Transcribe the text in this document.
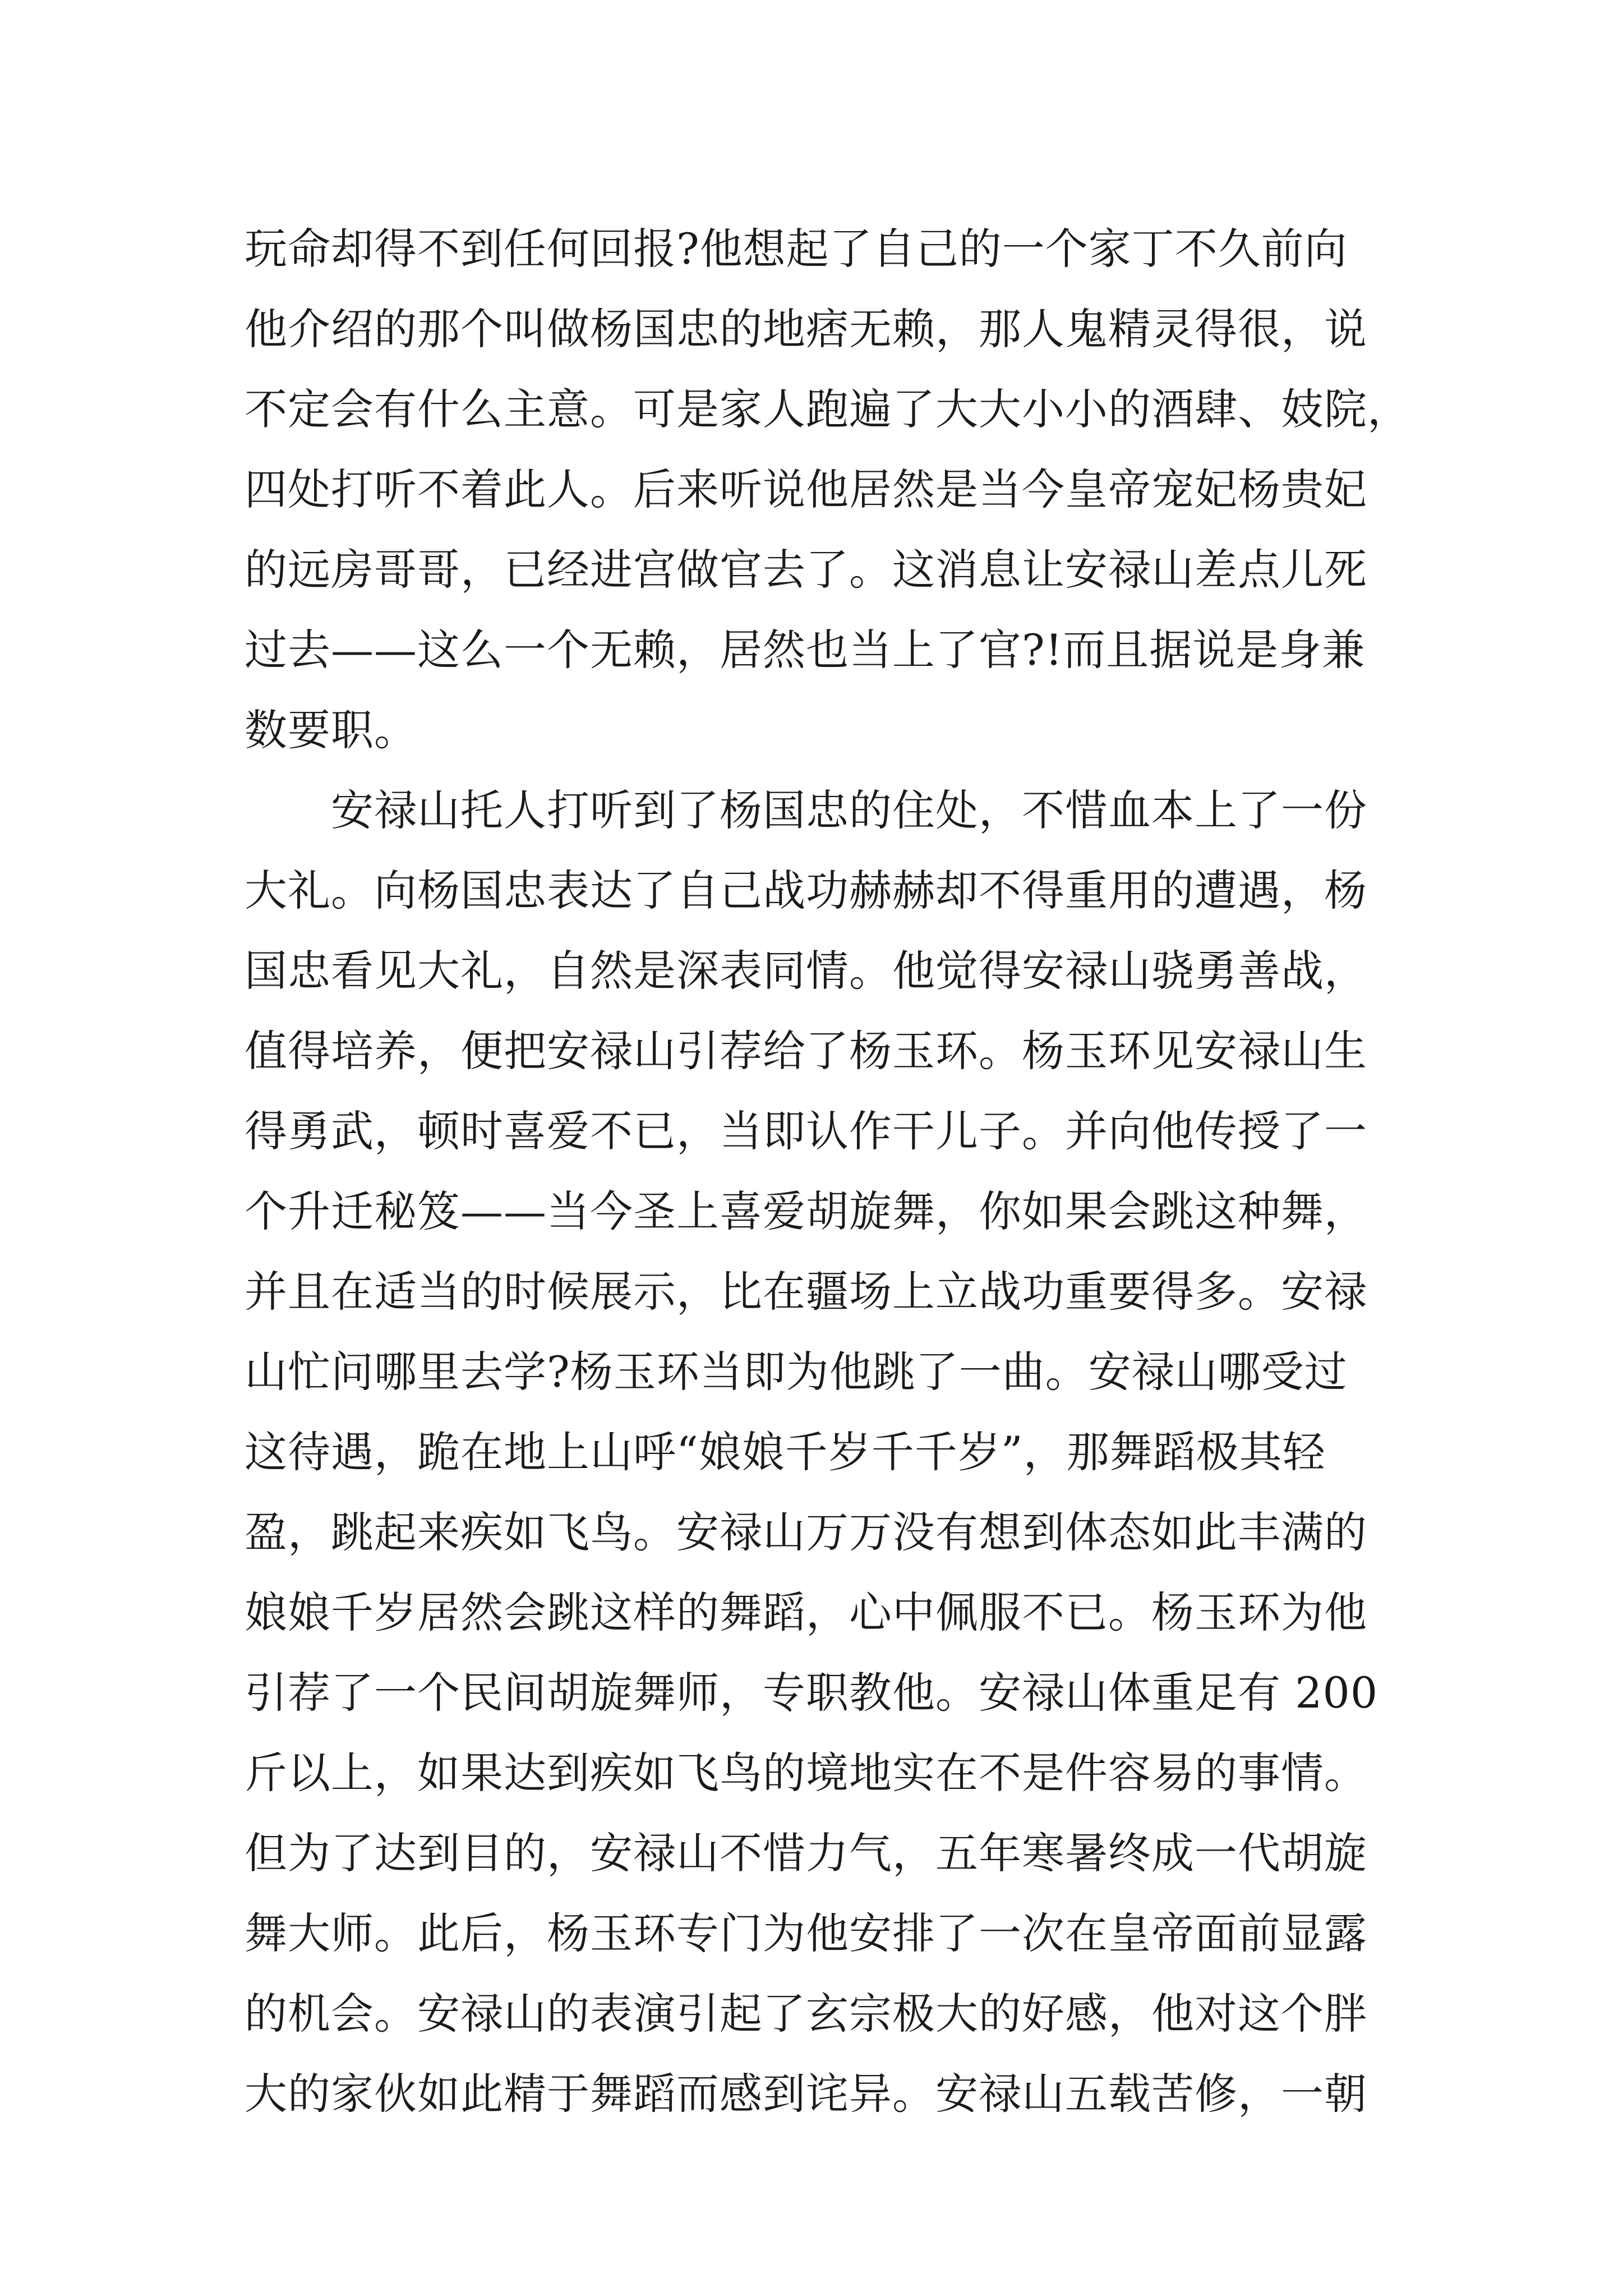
玩命却得不到任何回报?他想起了自己的一个家丁不久前向
他介绍的那个叫做杨国忠的地痞无赖，那人鬼精灵得很，说
不定会有什么主意。可是家人跑遍了大大小小的酒肆、妓院，
四处打听不着此人。后来听说他居然是当今皇帝宠妃杨贵妃
的远房哥哥，已经进宫做官去了。这消息让安禄山差点儿死
过去——这么一个无赖，居然也当上了官?!而且据说是身兼
数要职。
　　安禄山托人打听到了杨国忠的住处，不惜血本上了一份
大礼。向杨国忠表达了自己战功赫赫却不得重用的遭遇，杨
国忠看见大礼，自然是深表同情。他觉得安禄山骁勇善战，
值得培养，便把安禄山引荐给了杨玉环。杨玉环见安禄山生
得勇武，顿时喜爱不已，当即认作干儿子。并向他传授了一
个升迁秘笈——当今圣上喜爱胡旋舞，你如果会跳这种舞，
并且在适当的时候展示，比在疆场上立战功重要得多。安禄
山忙问哪里去学?杨玉环当即为他跳了一曲。安禄山哪受过
这待遇，跪在地上山呼“娘娘千岁千千岁”，那舞蹈极其轻
盈，跳起来疾如飞鸟。安禄山万万没有想到体态如此丰满的
娘娘千岁居然会跳这样的舞蹈，心中佩服不已。杨玉环为他
引荐了一个民间胡旋舞师，专职教他。安禄山体重足有 200
斤以上，如果达到疾如飞鸟的境地实在不是件容易的事情。
但为了达到目的，安禄山不惜力气，五年寒暑终成一代胡旋
舞大师。此后，杨玉环专门为他安排了一次在皇帝面前显露
的机会。安禄山的表演引起了玄宗极大的好感，他对这个胖
大的家伙如此精于舞蹈而感到诧异。安禄山五载苦修，一朝
